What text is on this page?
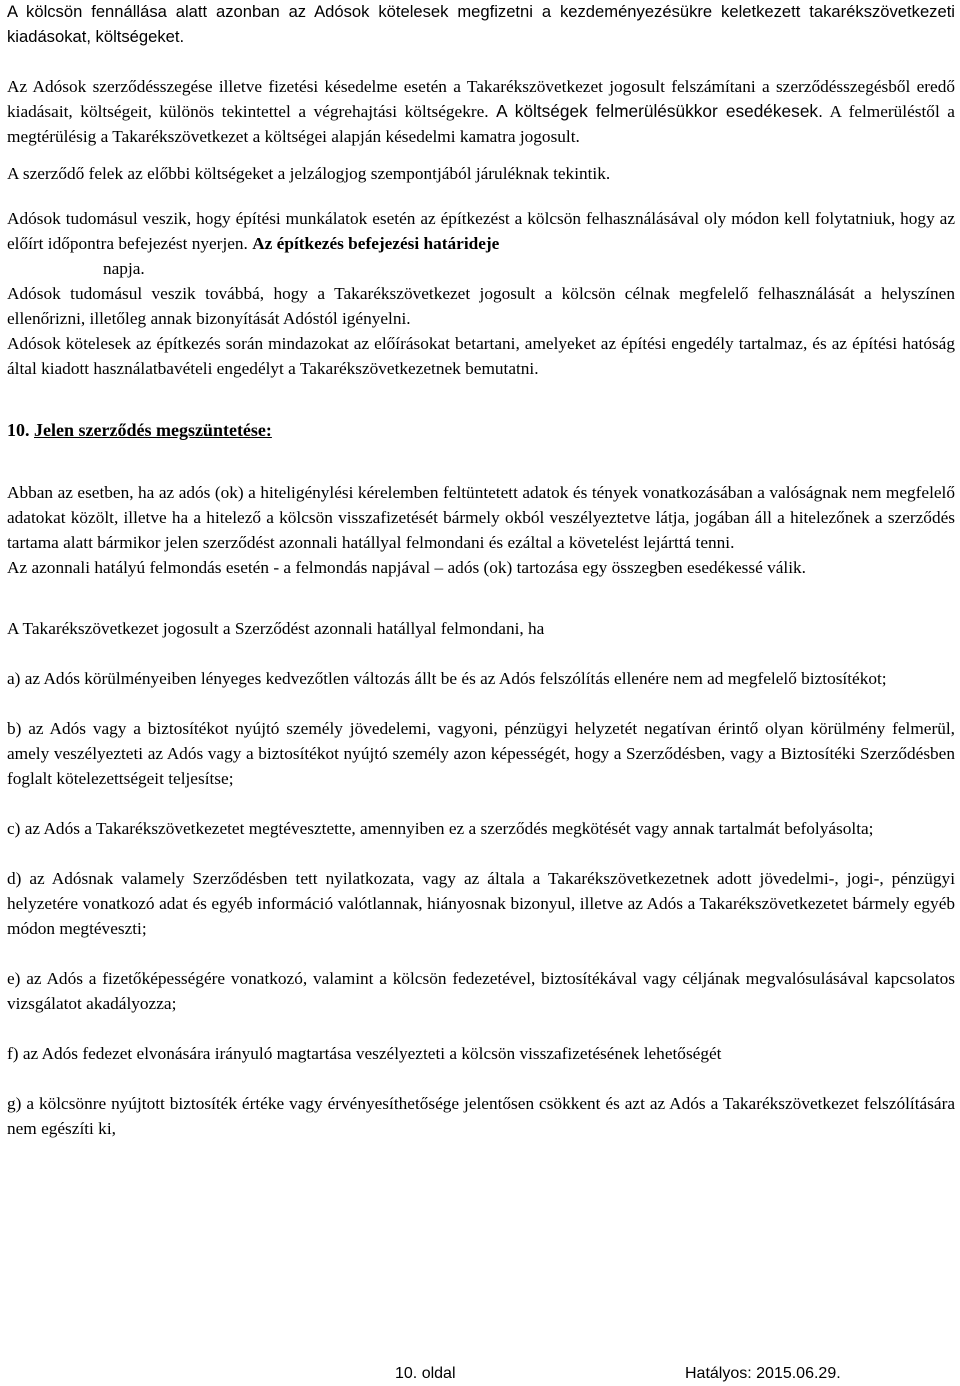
A kölcsön fennállása alatt azonban az Adósok kötelesek megfizetni a kezdeményezésükre keletkezett takarékszövetkezeti kiadásokat, költségeket.

Az Adósok szerződésszegése illetve fizetési késedelme esetén a Takarékszövetkezet jogosult felszámítani a szerződésszegésből eredő kiadásait, költségeit, különös tekintettel a végrehajtási költségekre. A költségek felmerülésükkor esedékesek. A felmerüléstől a megtérülésig a Takarékszövetkezet a költségei alapján késedelmi kamatra jogosult.

A szerződő felek az előbbi költségeket a jelzálogjog szempontjából járuléknak tekintik.

Adósok tudomásul veszik, hogy építési munkálatok esetén az építkezést a kölcsön felhasználásával oly módon kell folytatniuk, hogy az előírt időpontra befejezést nyerjen. Az építkezés befejezési határideje

napja.

Adósok tudomásul veszik továbbá, hogy a Takarékszövetkezet jogosult a kölcsön célnak megfelelő felhasználását a helyszínen ellenőrizni, illetőleg annak bizonyítását Adóstól igényelni.

Adósok kötelesek az építkezés során mindazokat az előírásokat betartani, amelyeket az építési engedély tartalmaz, és az építési hatóság által kiadott használatbavételi engedélyt a Takarékszövetkezetnek bemutatni.

10. Jelen szerződés megszüntetése:

Abban az esetben, ha az adós (ok) a hiteligénylési kérelemben feltüntetett adatok és tények vonatkozásában a valóságnak nem megfelelő adatokat közölt, illetve ha a hitelező a kölcsön visszafizetését bármely okból veszélyeztetve látja, jogában áll a hitelezőnek a szerződés tartama alatt bármikor jelen szerződést azonnali hatállyal felmondani és ezáltal a követelést lejárttá tenni.

Az azonnali hatályú felmondás esetén - a felmondás napjával – adós (ok) tartozása egy összegben esedékessé válik.

A Takarékszövetkezet jogosult a Szerződést azonnali hatállyal felmondani, ha

a) az Adós körülményeiben lényeges kedvezőtlen változás állt be és az Adós felszólítás ellenére nem ad megfelelő biztosítékot;

b) az Adós vagy a biztosítékot nyújtó személy jövedelemi, vagyoni, pénzügyi helyzetét negatívan érintő olyan körülmény felmerül, amely veszélyezteti az Adós vagy a biztosítékot nyújtó személy azon képességét, hogy a Szerződésben, vagy a Biztosítéki Szerződésben foglalt kötelezettségeit teljesítse;

c) az Adós a Takarékszövetkezetet megtévesztette, amennyiben ez a szerződés megkötését vagy annak tartalmát befolyásolta;

d) az Adósnak valamely Szerződésben tett nyilatkozata, vagy az általa a Takarékszövetkezetnek adott jövedelmi-, jogi-, pénzügyi helyzetére vonatkozó adat és egyéb információ valótlannak, hiányosnak bizonyul, illetve az Adós a Takarékszövetkezetet bármely egyéb módon megtéveszti;

e) az Adós a fizetőképességére vonatkozó, valamint a kölcsön fedezetével, biztosítékával vagy céljának megvalósulásával kapcsolatos vizsgálatot akadályozza;

f) az Adós fedezet elvonására irányuló magtartása veszélyezteti a kölcsön visszafizetésének lehetőségét

g) a kölcsönre nyújtott biztosíték értéke vagy érvényesíthetősége jelentősen csökkent és azt az Adós a Takarékszövetkezet felszólítására nem egészíti ki,

10. oldal	Hatályos: 2015.06.29.
